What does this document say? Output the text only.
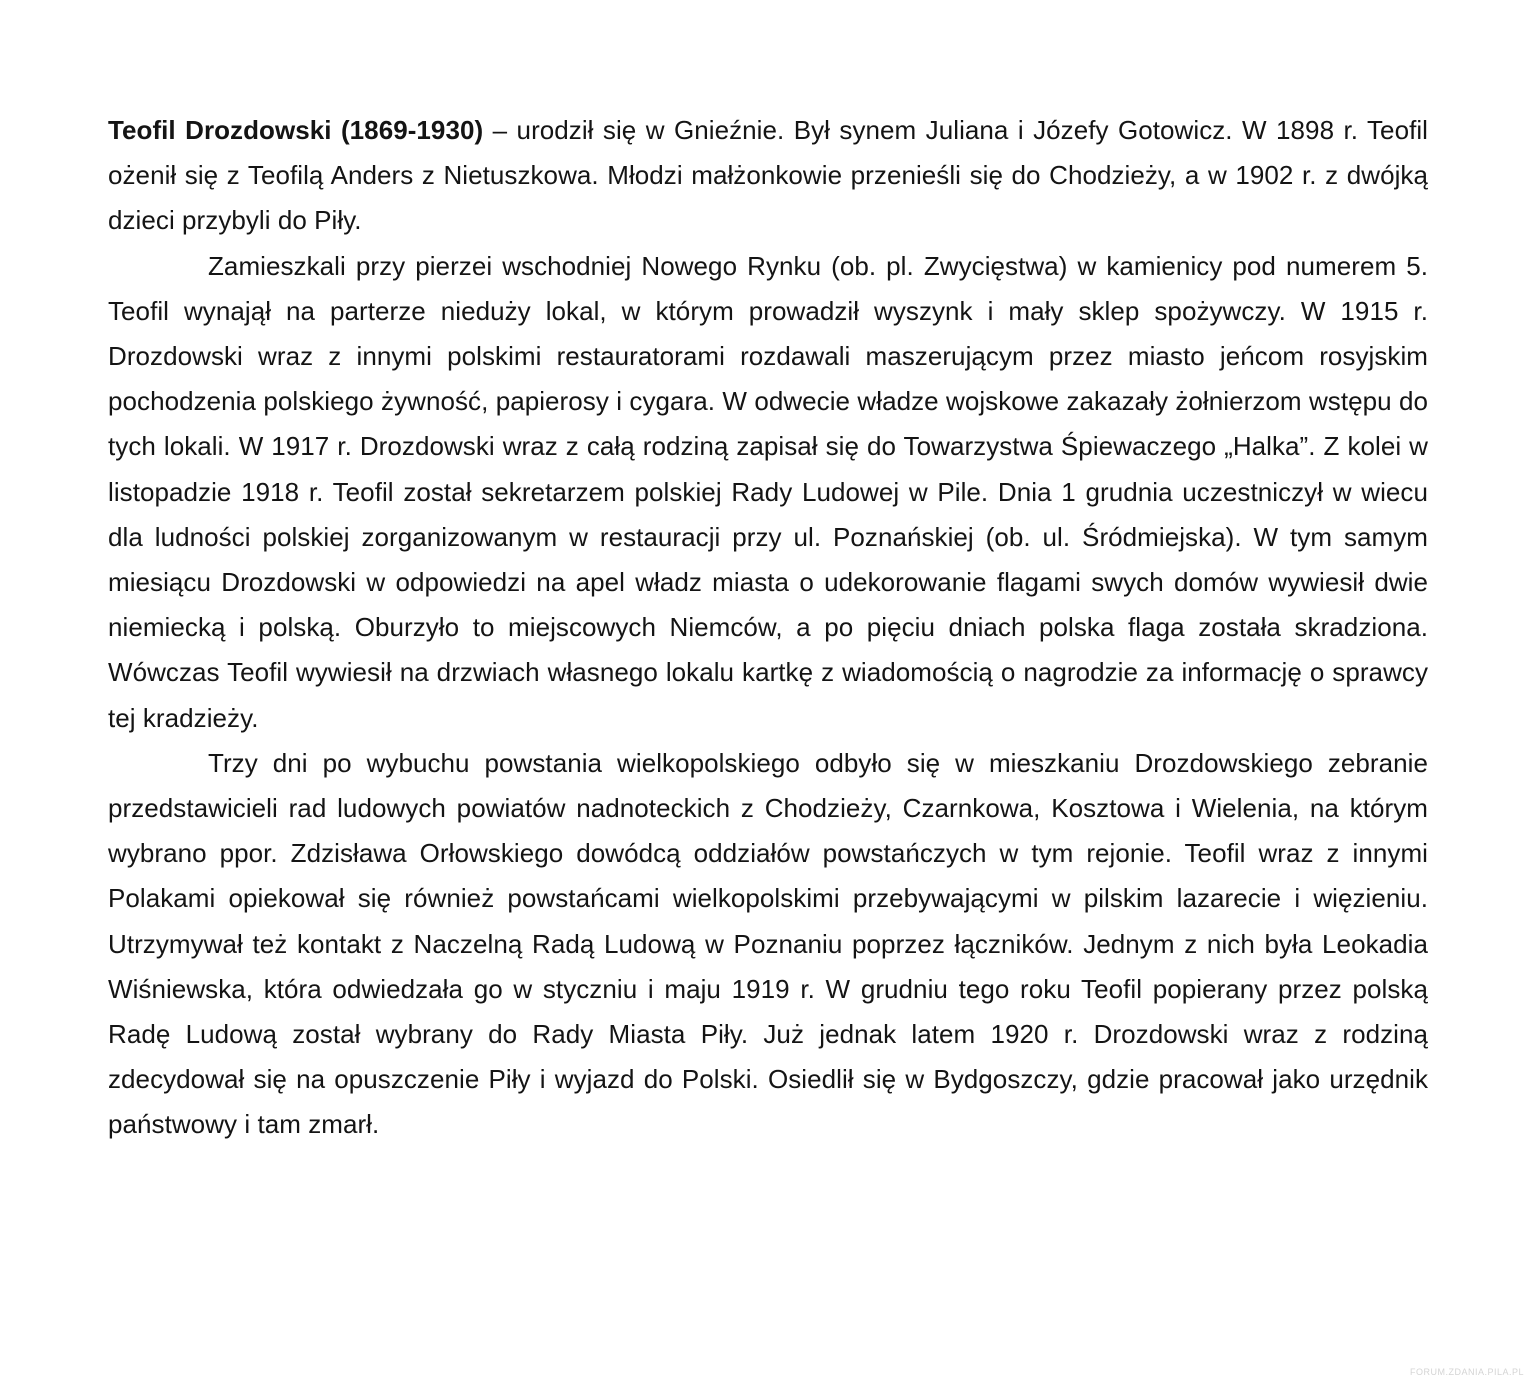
Teofil Drozdowski (1869-1930) – urodził się w Gnieźnie. Był synem Juliana i Józefy Gotowicz. W 1898 r. Teofil ożenił się z Teofilą Anders z Nietuszkowa. Młodzi małżonkowie przenieśli się do Chodzieży, a w 1902 r. z dwójką dzieci przybyli do Piły.

Zamieszkali przy pierzei wschodniej Nowego Rynku (ob. pl. Zwycięstwa) w kamienicy pod numerem 5. Teofil wynajął na parterze nieduży lokal, w którym prowadził wyszynk i mały sklep spożywczy. W 1915 r. Drozdowski wraz z innymi polskimi restauratorami rozdawali maszerującym przez miasto jeńcom rosyjskim pochodzenia polskiego żywność, papierosy i cygara. W odwecie władze wojskowe zakazały żołnierzom wstępu do tych lokali. W 1917 r. Drozdowski wraz z całą rodziną zapisał się do Towarzystwa Śpiewaczego „Halka”. Z kolei w listopadzie 1918 r. Teofil został sekretarzem polskiej Rady Ludowej w Pile. Dnia 1 grudnia uczestniczył w wiecu dla ludności polskiej zorganizowanym w restauracji przy ul. Poznańskiej (ob. ul. Śródmiejska). W tym samym miesiącu Drozdowski w odpowiedzi na apel władz miasta o udekorowanie flagami swych domów wywiesił dwie niemiecką i polską. Oburzyło to miejscowych Niemców, a po pięciu dniach polska flaga została skradziona. Wówczas Teofil wywiesił na drzwiach własnego lokalu kartkę z wiadomością o nagrodzie za informację o sprawcy tej kradzieży.

Trzy dni po wybuchu powstania wielkopolskiego odbyło się w mieszkaniu Drozdowskiego zebranie przedstawicieli rad ludowych powiatów nadnoteckich z Chodzieży, Czarnkowa, Kosztowa i Wielenia, na którym wybrano ppor. Zdzisława Orłowskiego dowódcą oddziałów powstańczych w tym rejonie. Teofil wraz z innymi Polakami opiekował się również powstańcami wielkopolskimi przebywającymi w pilskim lazarecie i więzieniu. Utrzymywał też kontakt z Naczelną Radą Ludową w Poznaniu poprzez łączników. Jednym z nich była Leokadia Wiśniewska, która odwiedzała go w styczniu i maju 1919 r. W grudniu tego roku Teofil popierany przez polską Radę Ludową został wybrany do Rady Miasta Piły. Już jednak latem 1920 r. Drozdowski wraz z rodziną zdecydował się na opuszczenie Piły i wyjazd do Polski. Osiedlił się w Bydgoszczy, gdzie pracował jako urzędnik państwowy i tam zmarł.

FORUM.ZDANIA.PILA.PL
